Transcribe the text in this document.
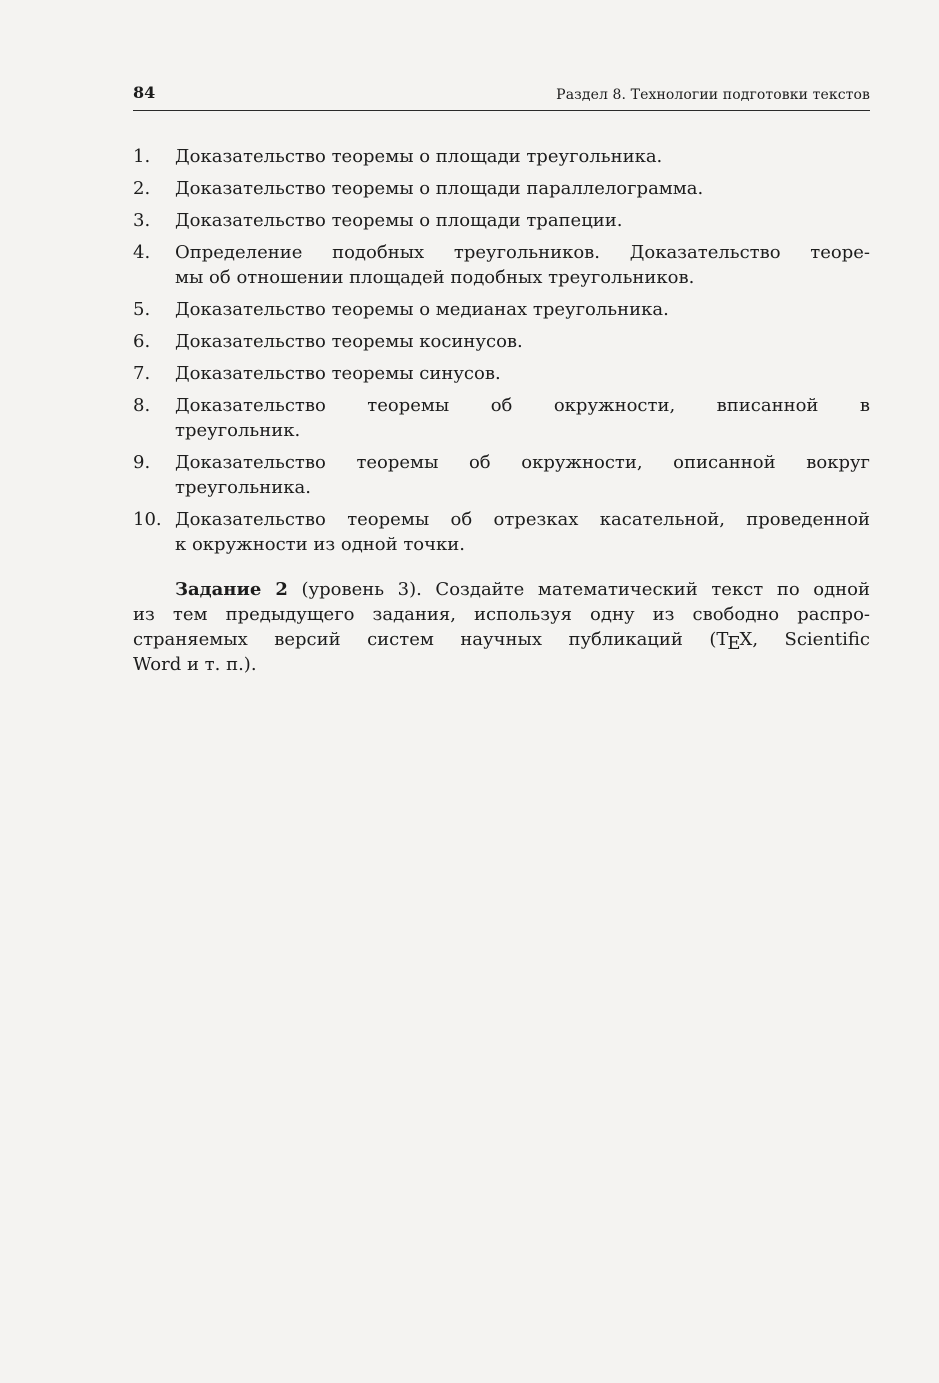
84	Раздел 8. Технологии подготовки текстов
1.	Доказательство теоремы о площади треугольника.
2.	Доказательство теоремы о площади параллелограмма.
3.	Доказательство теоремы о площади трапеции.
4.	Определение подобных треугольников. Доказательство теоре-
мы об отношении площадей подобных треугольников.
5.	Доказательство теоремы о медианах треугольника.
6.	Доказательство теоремы косинусов.
7.	Доказательство теоремы синусов.
8.	Доказательство теоремы об окружности, вписанной в
треугольник.
9.	Доказательство теоремы об окружности, описанной вокруг
треугольника.
10. Доказательство теоремы об отрезках касательной, проведенной
к окружности из одной точки.
Задание 2 (уровень 3). Создайте математический текст по одной
из тем предыдущего задания, используя одну из свободно распро-
страняемых версий систем научных публикаций (TEX, Scientific
Word и т. п.).
